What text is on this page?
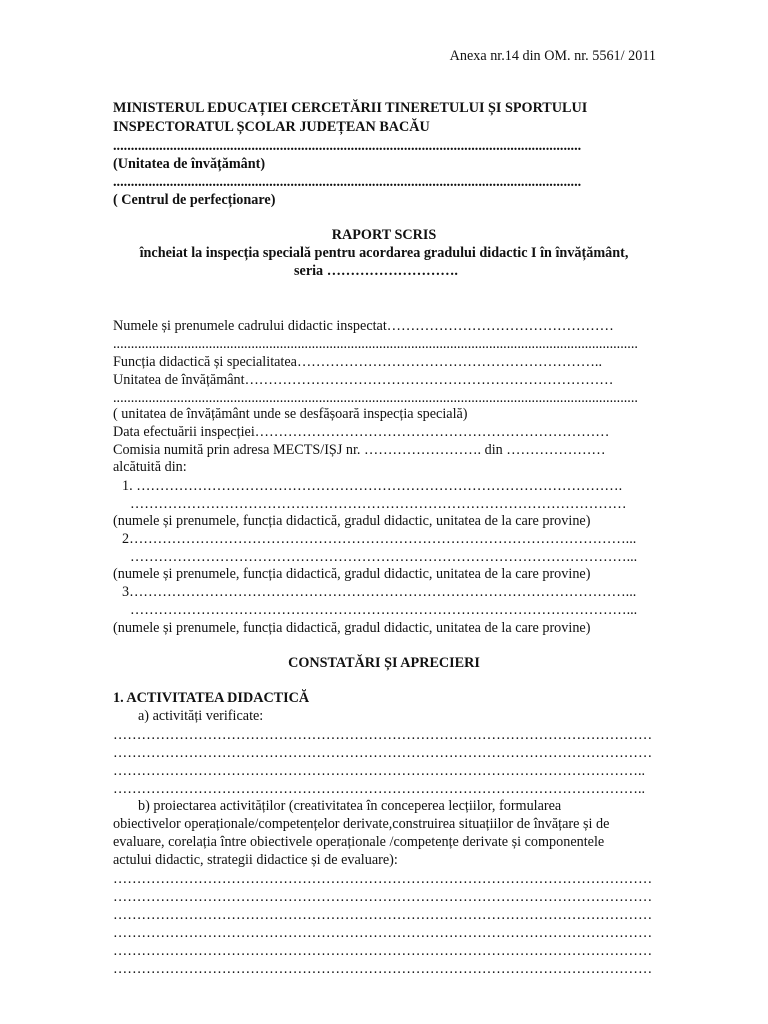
Anexa nr.14 din OM. nr. 5561/ 2011
MINISTERUL EDUCAȚIEI CERCETĂRII TINERETULUI ȘI SPORTULUI
INSPECTORATUL ȘCOLAR JUDEȚEAN BACĂU
....................................................................................................................................
(Unitatea de învățământ)
....................................................................................................................................
( Centrul de perfecționare)
RAPORT SCRIS
încheiat la inspecția specială pentru acordarea gradului didactic I în învățământ,
seria ……………………….
Numele și prenumele cadrului didactic inspectat…………………………………………
....................................................................................................................................................
Funcția didactică și specialitatea………………………………………………………..
Unitatea de învățământ……………………………………………………………………
....................................................................................................................................................
( unitatea de învățământ unde se desfășoară inspecția specială)
Data efectuării inspecției…………………………………………………………………
Comisia numită prin adresa MECTS/IȘJ nr. ……………………. din …………………
alcătuită din:
1. ………………………………………………………………………………………….
……………………………………………………………………………………………
(numele și prenumele, funcția didactică, gradul didactic, unitatea de la care provine)
2……………………………………………………………………………………………...
……………………………………………………………………………………………...
(numele și prenumele, funcția didactică, gradul didactic, unitatea de la care provine)
3……………………………………………………………………………………………...
……………………………………………………………………………………………...
(numele și prenumele, funcția didactică, gradul didactic, unitatea de la care provine)
CONSTATĂRI ȘI APRECIERI
1. ACTIVITATEA DIDACTICĂ
a) activități verificate:
……………………………………………………………………………………………………
……………………………………………………………………………………………………
…………………………………………………………………………………………………..
…………………………………………………………………………………………………..
b) proiectarea activităților (creativitatea în conceperea lecțiilor, formularea
obiectivelor operaționale/competențelor derivate,construirea situațiilor de învățare și de
evaluare, corelația între obiectivele operaționale /competențe derivate și componentele
actului didactic, strategii didactice și de evaluare):
……………………………………………………………………………………………………
……………………………………………………………………………………………………
……………………………………………………………………………………………………
……………………………………………………………………………………………………
……………………………………………………………………………………………………
……………………………………………………………………………………………………
